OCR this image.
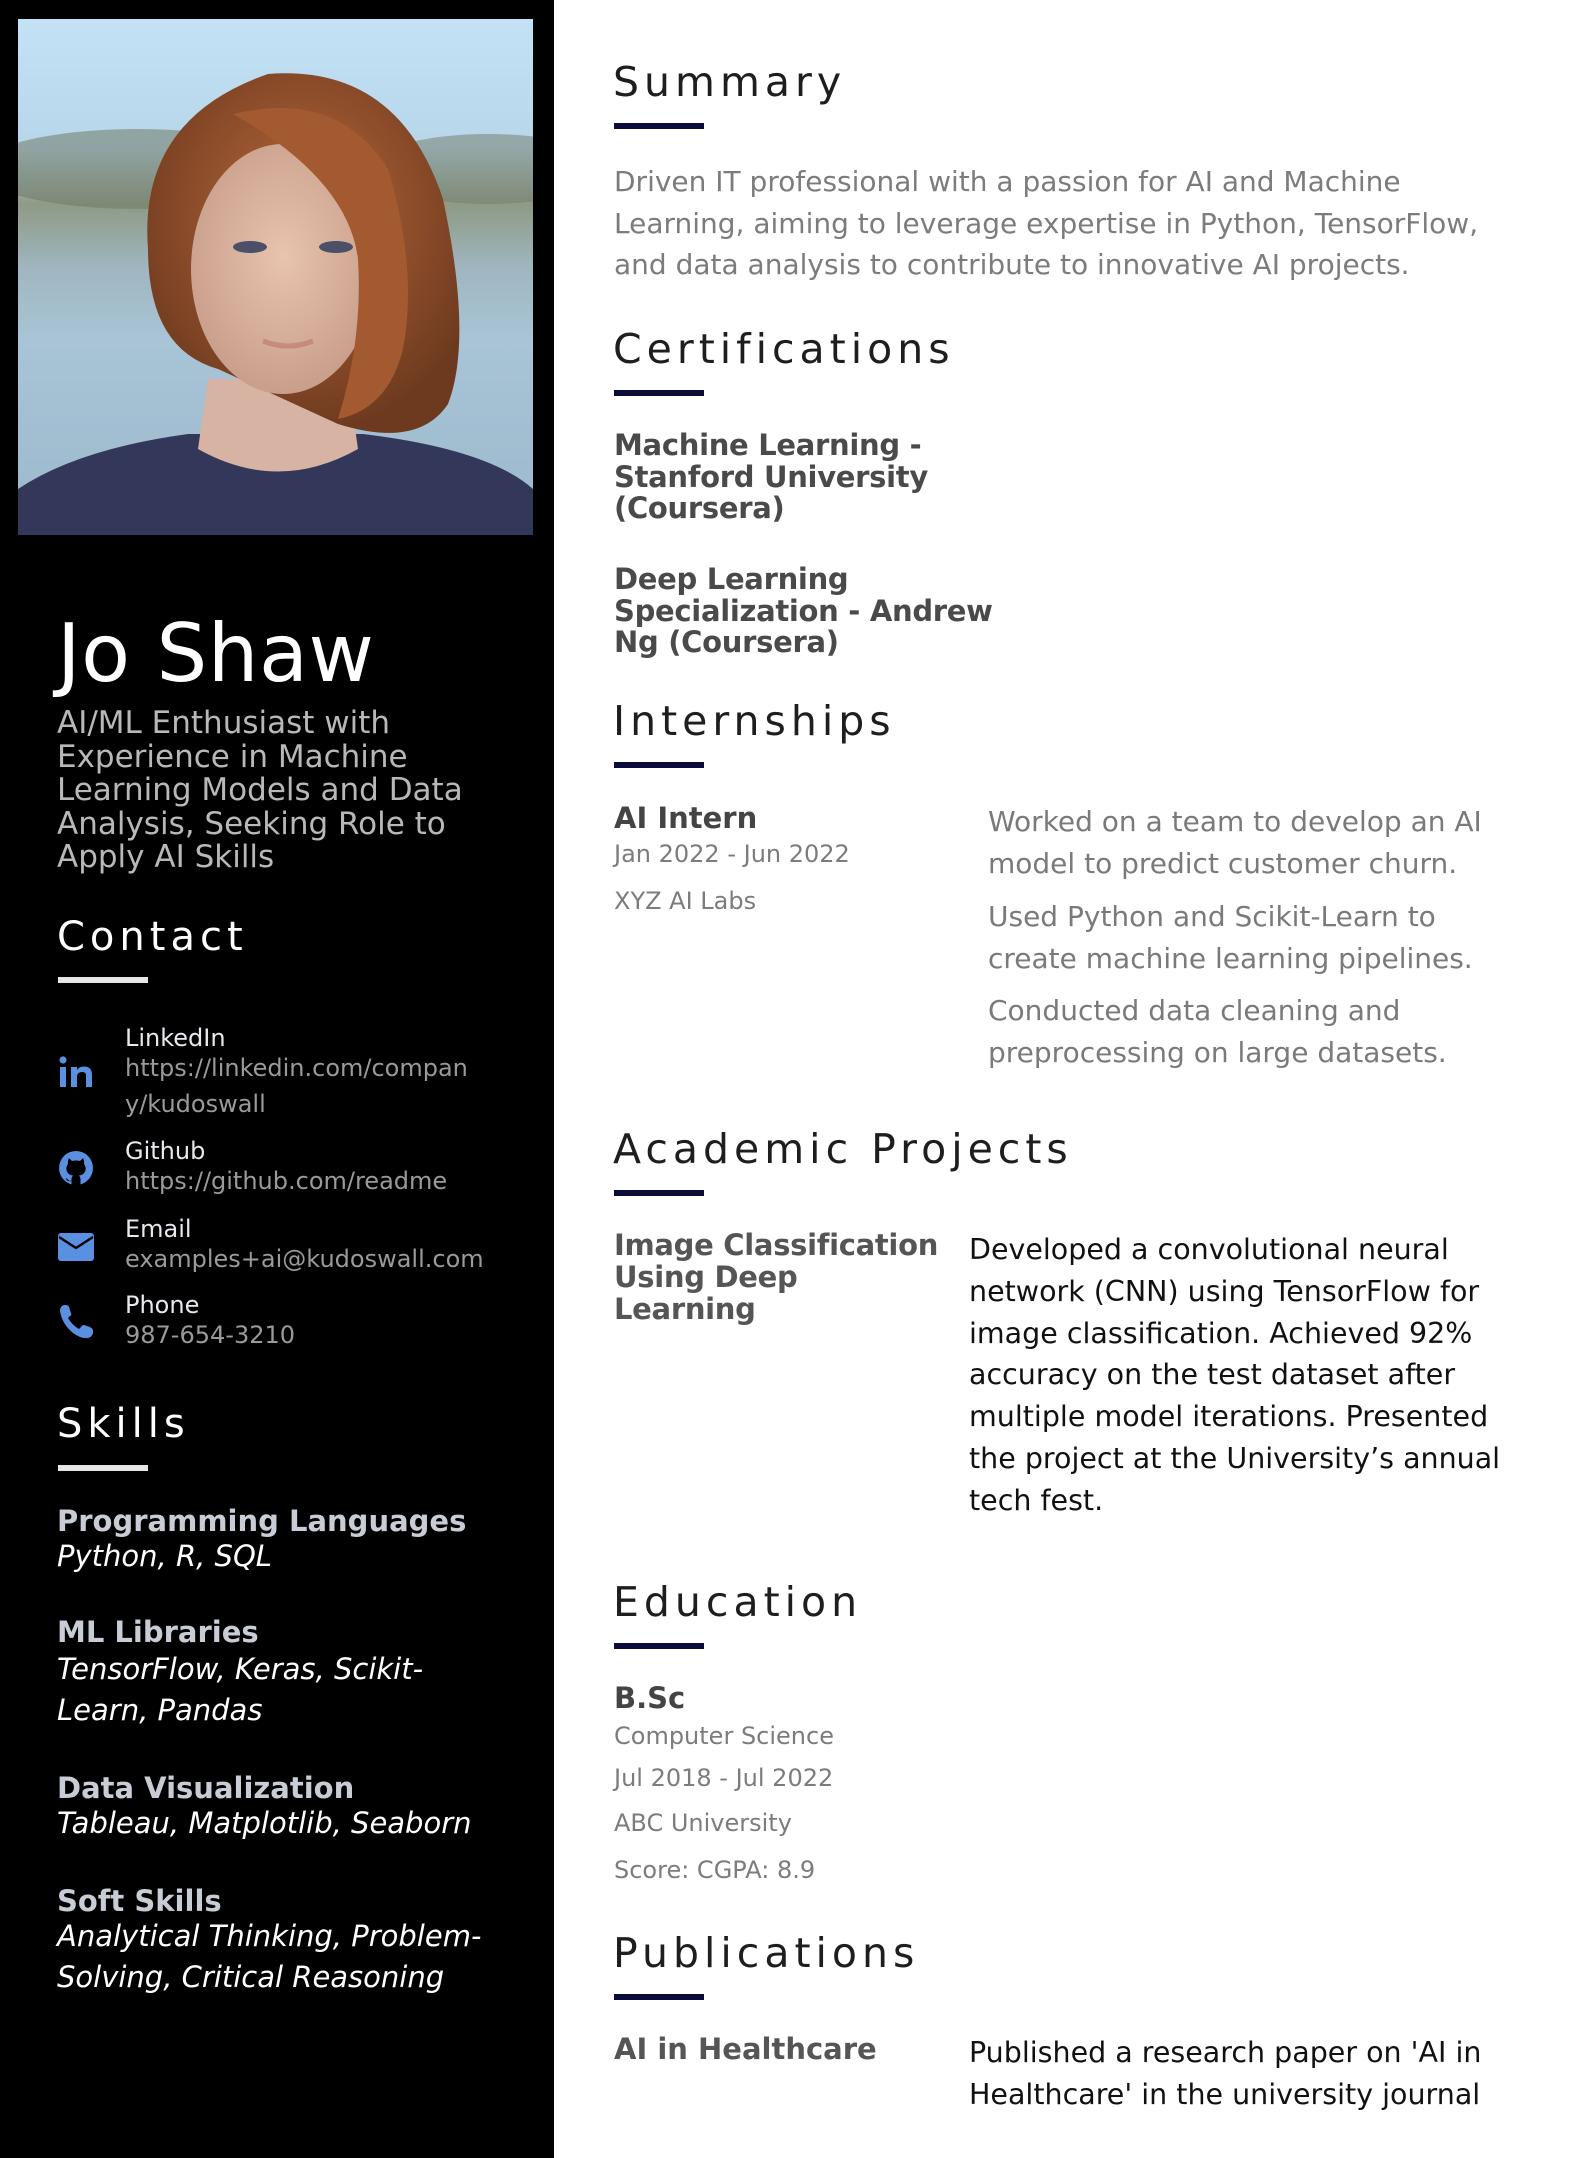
Jo Shaw
AI/ML Enthusiast with Experience in Machine Learning Models and Data Analysis, Seeking Role to Apply AI Skills
Contact
LinkedIn
https://linkedin.com/compan
y/kudoswall
Github
https://github.com/readme
Email
examples+ai@kudoswall.com
Phone
987-654-3210
Skills
Programming Languages
Python, R, SQL
ML Libraries
TensorFlow, Keras, Scikit-
Learn, Pandas
Data Visualization
Tableau, Matplotlib, Seaborn
Soft Skills
Analytical Thinking, Problem-
Solving, Critical Reasoning
Summary
Driven IT professional with a passion for AI and Machine Learning, aiming to leverage expertise in Python, TensorFlow, and data analysis to contribute to innovative AI projects.
Certifications
Machine Learning - Stanford University (Coursera)
Deep Learning Specialization - Andrew Ng (Coursera)
Internships
AI Intern
Jan 2022 - Jun 2022
XYZ AI Labs
Worked on a team to develop an AI model to predict customer churn.
Used Python and Scikit-Learn to create machine learning pipelines.
Conducted data cleaning and preprocessing on large datasets.
Academic Projects
Image Classification Using Deep Learning
Developed a convolutional neural network (CNN) using TensorFlow for image classification. Achieved 92% accuracy on the test dataset after multiple model iterations. Presented the project at the University’s annual tech fest.
Education
B.Sc
Computer Science
Jul 2018 - Jul 2022
ABC University
Score: CGPA: 8.9
Publications
AI in Healthcare	Published a research paper on 'AI in Healthcare' in the university journal
